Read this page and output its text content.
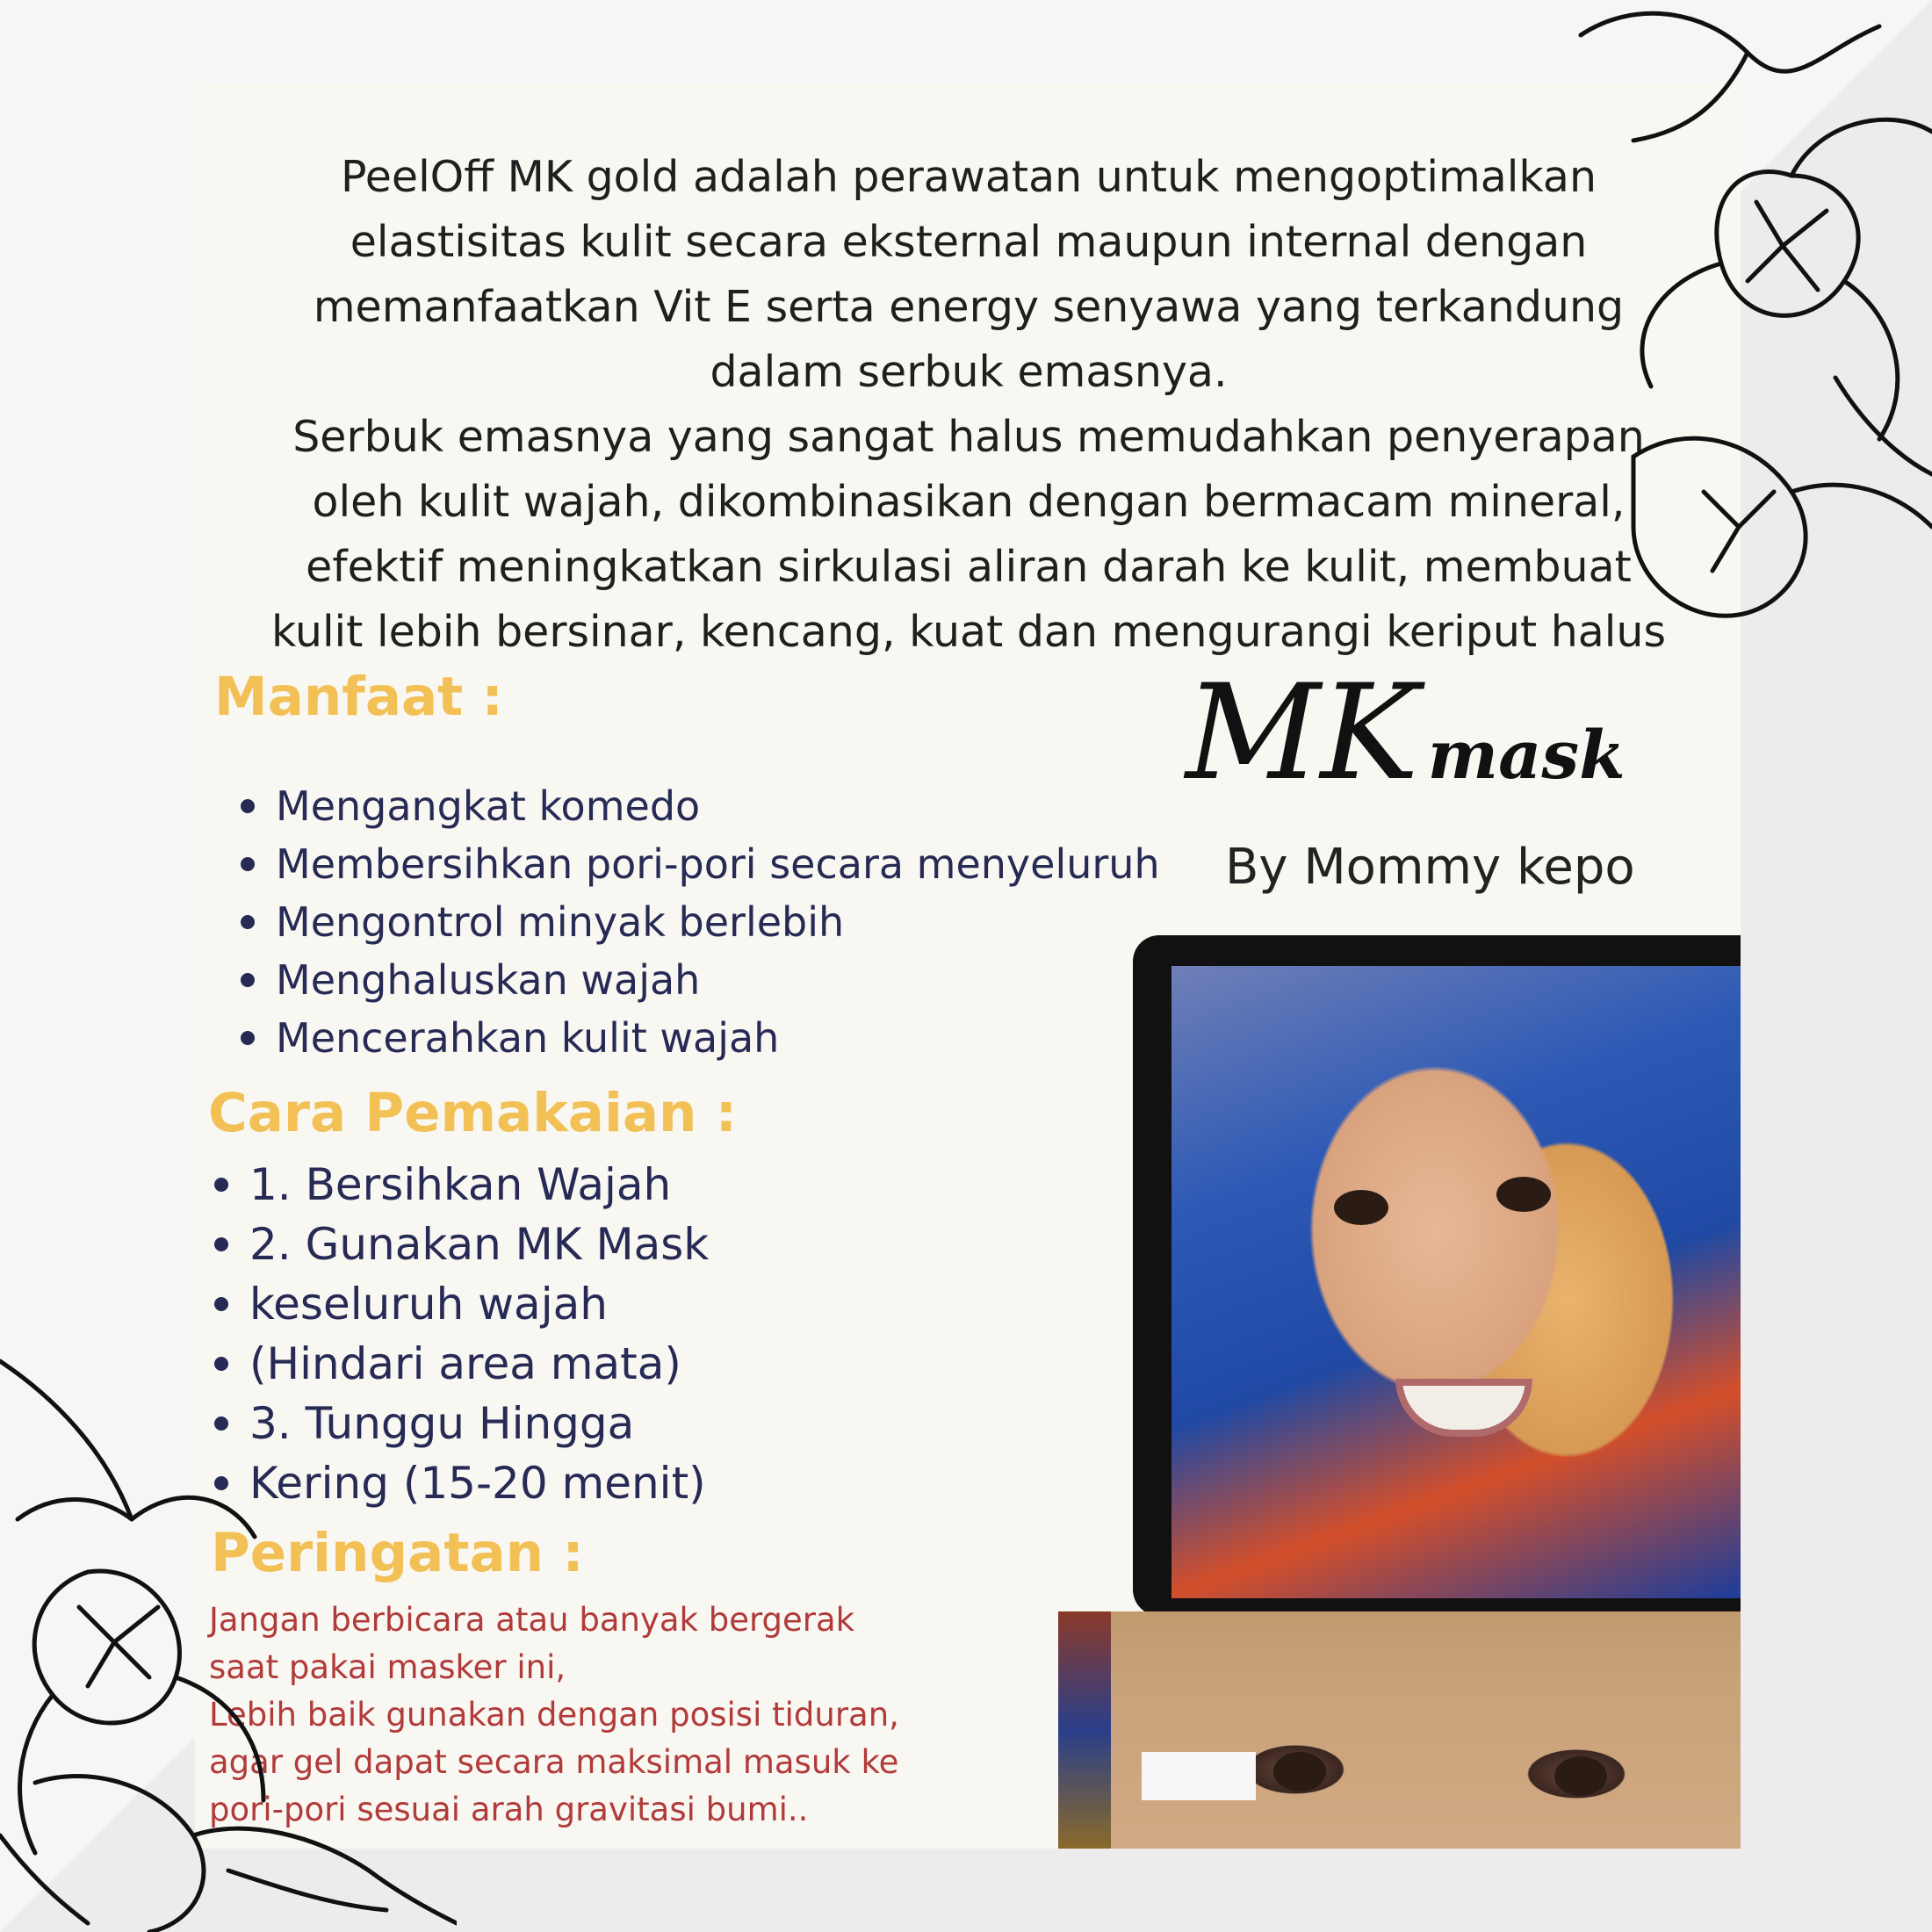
PeelOff MK gold adalah perawatan untuk mengoptimalkan

elastisitas kulit secara eksternal maupun internal dengan

memanfaatkan Vit E serta energy senyawa yang terkandung

dalam serbuk emasnya.

Serbuk emasnya yang sangat halus memudahkan penyerapan

oleh kulit wajah, dikombinasikan dengan bermacam mineral,

efektif meningkatkan sirkulasi aliran darah ke kulit, membuat

kulit lebih bersinar, kencang, kuat dan mengurangi keriput halus

Manfaat :
Mengangkat komedo
Membersihkan pori-pori secara menyeluruh
Mengontrol minyak berlebih
Menghaluskan wajah
Mencerahkan kulit wajah
MK mask
By Mommy kepo
Cara Pemakaian :
1. Bersihkan Wajah
2. Gunakan MK Mask
keseluruh wajah
(Hindari area mata)
3. Tunggu Hingga
Kering (15-20 menit)
Peringatan :

Jangan berbicara atau banyak bergerak

saat pakai masker ini,

Lebih baik gunakan dengan posisi tiduran,

agar gel dapat secara maksimal masuk ke

pori-pori sesuai arah gravitasi bumi..
